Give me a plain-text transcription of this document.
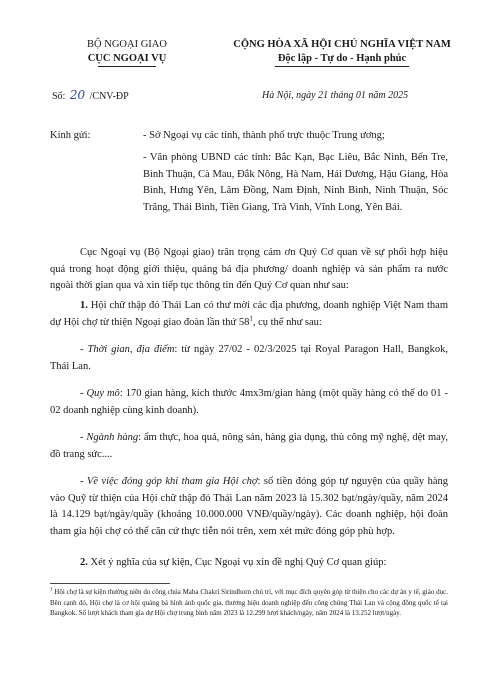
BỘ NGOẠI GIAO
CỤC NGOẠI VỤ
CỘNG HÒA XÃ HỘI CHỦ NGHĨA VIỆT NAM
Độc lập - Tự do - Hạnh phúc
Số: 20 /CNV-ĐP	Hà Nội, ngày 21 tháng 01 năm 2025
Kính gửi:	- Sở Ngoại vụ các tỉnh, thành phố trực thuộc Trung ương;
- Văn phòng UBND các tỉnh: Bắc Kạn, Bạc Liêu, Bắc Ninh, Bến Tre, Bình Thuận, Cà Mau, Đắk Nông, Hà Nam, Hải Dương, Hậu Giang, Hòa Bình, Hưng Yên, Lâm Đồng, Nam Định, Ninh Bình, Ninh Thuận, Sóc Trăng, Thái Bình, Tiền Giang, Trà Vinh, Vĩnh Long, Yên Bái.
Cục Ngoại vụ (Bộ Ngoại giao) trân trọng cảm ơn Quý Cơ quan về sự phối hợp hiệu quả trong hoạt động giới thiệu, quảng bá địa phương/ doanh nghiệp và sản phẩm ra nước ngoài thời gian qua và xin tiếp tục thông tin đến Quý Cơ quan như sau:
1. Hội chữ thập đỏ Thái Lan có thư mời các địa phương, doanh nghiệp Việt Nam tham dự Hội chợ từ thiện Ngoại giao đoàn lần thứ $58^1$, cụ thể như sau:
- Thời gian, địa điểm: từ ngày 27/02 - 02/3/2025 tại Royal Paragon Hall, Bangkok, Thái Lan.
- Quy mô: 170 gian hàng, kích thước 4mx3m/gian hàng (một quầy hàng có thể do 01 - 02 doanh nghiệp cùng kinh doanh).
- Ngành hàng: ẩm thực, hoa quả, nông sản, hàng gia dụng, thủ công mỹ nghệ, dệt may, đồ trang sức....
- Về việc đóng góp khi tham gia Hội chợ: số tiền đóng góp tự nguyện của quầy hàng vào Quỹ từ thiện của Hội chữ thập đỏ Thái Lan năm 2023 là 15.302 bạt/ngày/quầy, năm 2024 là 14.129 bạt/ngày/quầy (khoảng 10.000.000 VNĐ/quầy/ngày). Các doanh nghiệp, hội đoàn tham gia hội chợ có thể căn cứ thực tiễn nói trên, xem xét mức đóng góp phù hợp.
2. Xét ý nghĩa của sự kiện, Cục Ngoại vụ xin đề nghị Quý Cơ quan giúp:
$^1$ Hội chợ là sự kiện thường niên do công chúa Maha Chakri Sirindhorn chủ trì, với mục đích quyên góp từ thiện cho các dự án y tế, giáo dục. Bên cạnh đó, Hội chợ là cơ hội quảng bá hình ảnh quốc gia, thương hiệu doanh nghiệp đến công chúng Thái Lan và cộng đồng quốc tế tại Bangkok. Số lượt khách tham gia dự Hội chợ trung bình năm 2023 là 12.299 lượt khách/ngày, năm 2024 là 13.252 lượt/ngày.
